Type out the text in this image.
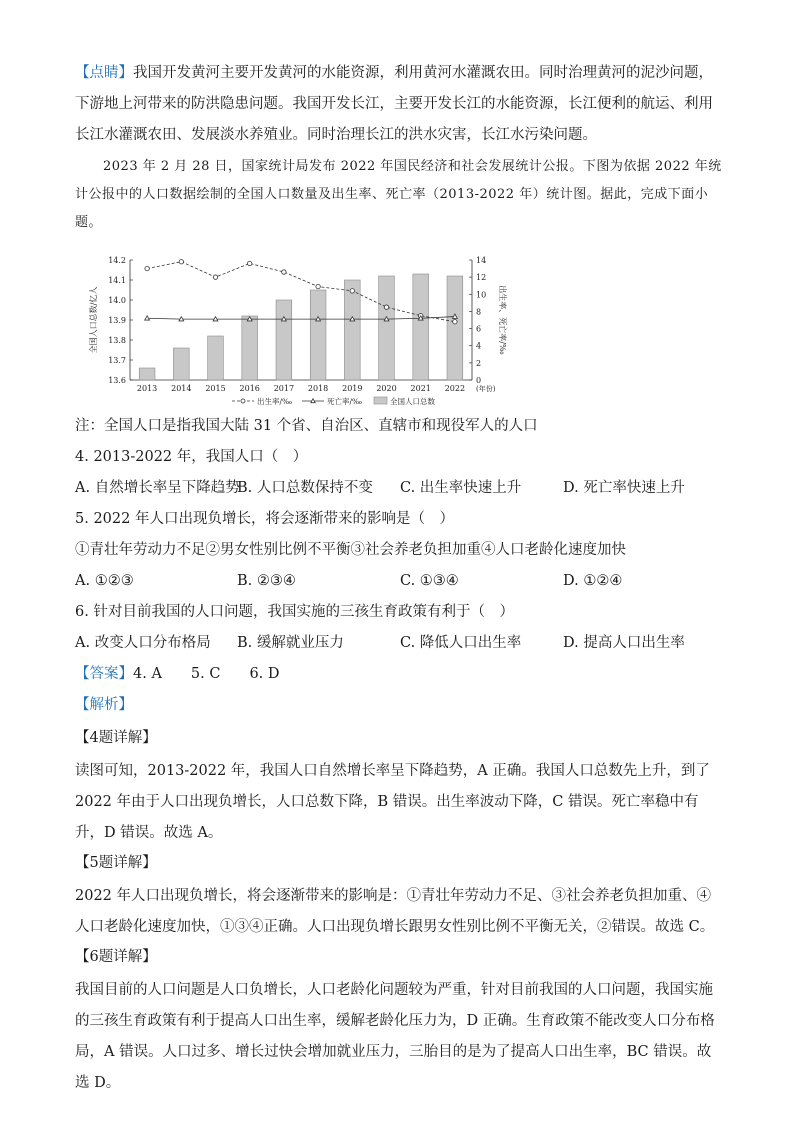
【点睛】我国开发黄河主要开发黄河的水能资源，利用黄河水灌溉农田。同时治理黄河的泥沙问题，下游地上河带来的防洪隐患问题。我国开发长江，主要开发长江的水能资源，长江便利的航运、利用长江水灌溉农田、发展淡水养殖业。同时治理长江的洪水灾害，长江水污染问题。

2023 年 2 月 28 日，国家统计局发布 2022 年国民经济和社会发展统计公报。下图为依据 2022 年统计公报中的人口数据绘制的全国人口数量及出生率、死亡率（2013-2022 年）统计图。据此，完成下面小题。

13.6
13.7
13.8
13.9
14.0
14.1
14.2
0
2
4
6
8
10
12
14
2013 2014 2015 2016 2017 2018 2019 2020 2021 2022 (年份)
全国人口总数/亿人	出生率、死亡率/‰
出生率/‰	死亡率/‰	全国人口总数

注：全国人口是指我国大陆 31 个省、自治区、直辖市和现役军人的人口

4. 2013-2022 年，我国人口（　）

A. 自然增长率呈下降趋势
B. 人口总数保持不变 C. 出生率快速上升	D. 死亡率快速上升

5. 2022 年人口出现负增长，将会逐渐带来的影响是（　）

①青壮年劳动力不足②男女性别比例不平衡③社会养老负担加重④人口老龄化速度加快

A. ①②③	B. ②③④	C. ①③④	D. ①②④

6. 针对目前我国的人口问题，我国实施的三孩生育政策有利于（　）

A. 改变人口分布格局 B. 缓解就业压力	C. 降低人口出生率	D. 提高人口出生率

【答案】4. A　　5. C　　6. D

【解析】

【4题详解】

读图可知，2013-2022 年，我国人口自然增长率呈下降趋势，A 正确。我国人口总数先上升，到了 2022 年由于人口出现负增长，人口总数下降，B 错误。出生率波动下降，C 错误。死亡率稳中有升，D 错误。故选 A。

【5题详解】

2022 年人口出现负增长，将会逐渐带来的影响是：①青壮年劳动力不足、③社会养老负担加重、④人口老龄化速度加快，①③④正确。人口出现负增长跟男女性别比例不平衡无关，②错误。故选 C。

【6题详解】

我国目前的人口问题是人口负增长，人口老龄化问题较为严重，针对目前我国的人口问题，我国实施的三孩生育政策有利于提高人口出生率，缓解老龄化压力为，D 正确。生育政策不能改变人口分布格局，A 错误。人口过多、增长过快会增加就业压力，三胎目的是为了提高人口出生率，BC 错误。故选 D。
